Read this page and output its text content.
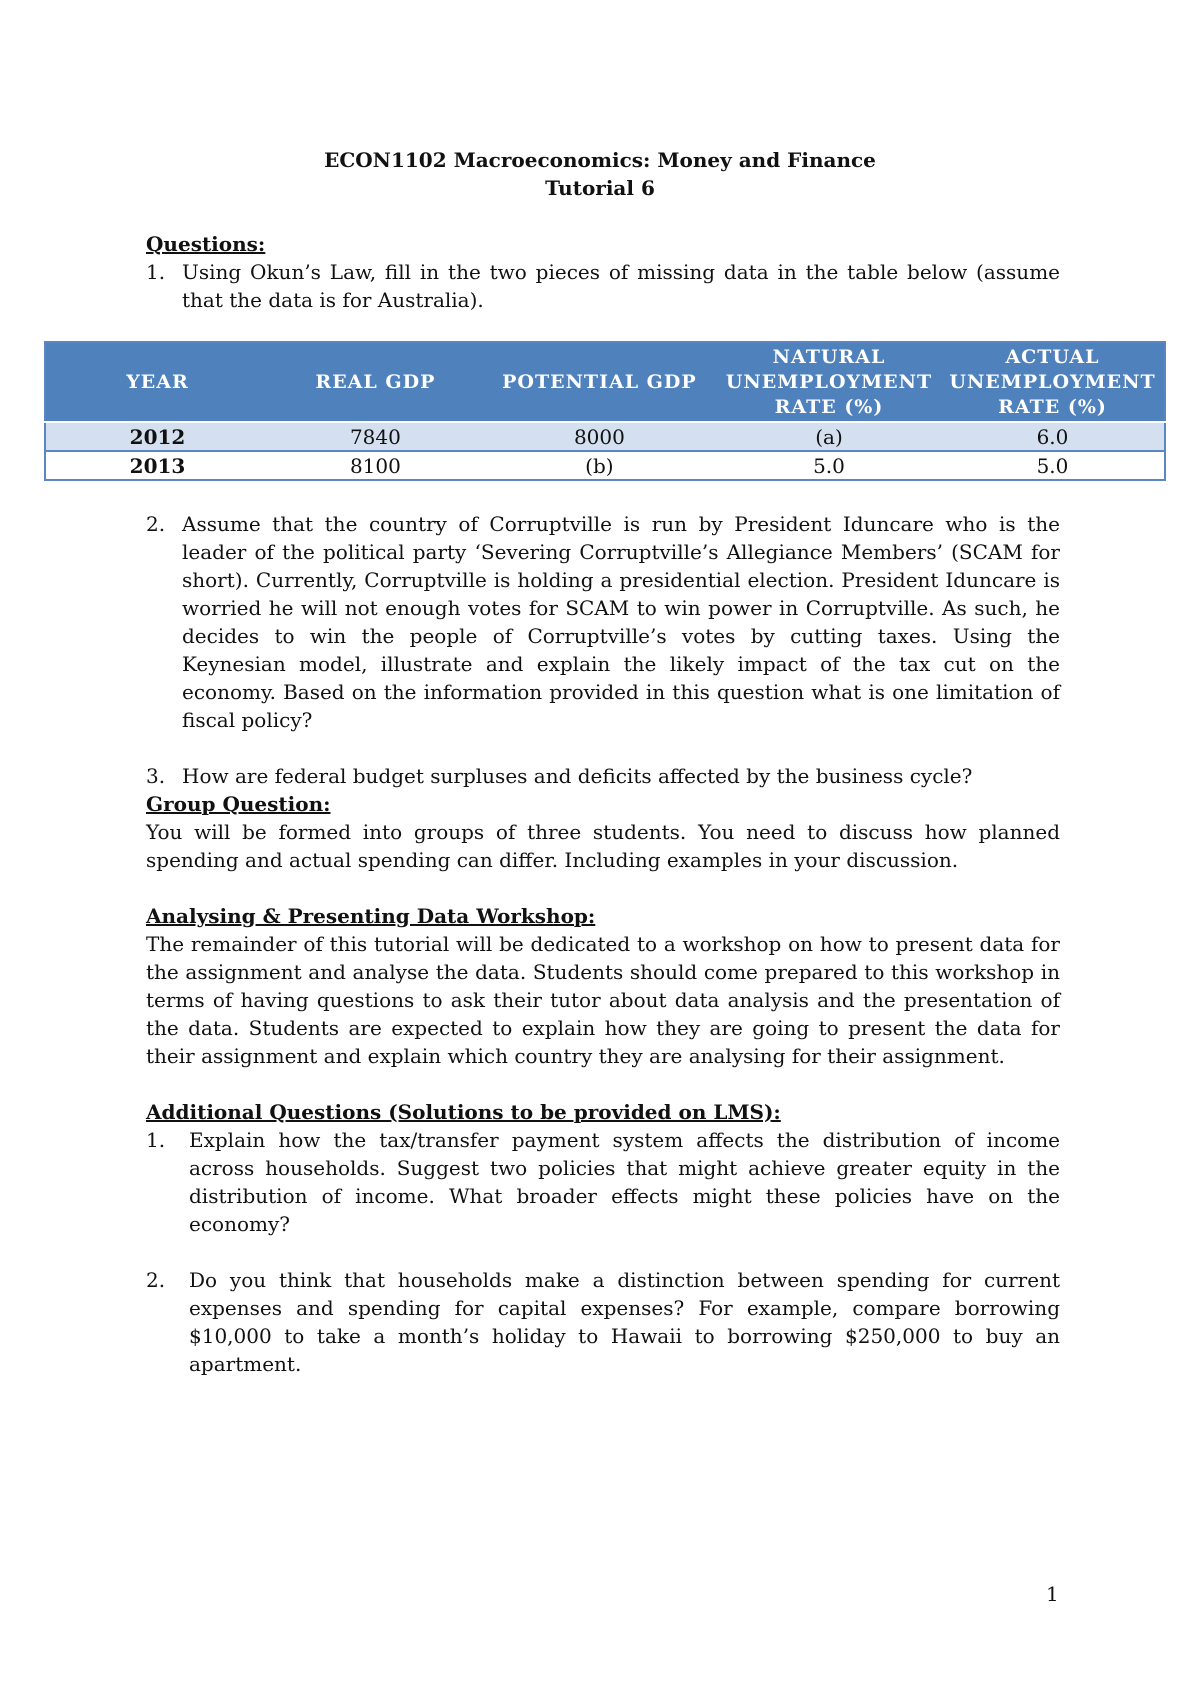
ECON1102 Macroeconomics: Money and Finance
Tutorial 6
Questions:
1. Using Okun’s Law, fill in the two pieces of missing data in the table below (assume that the data is for Australia).
YEAR	REAL GDP	POTENTIAL GDP	NATURAL UNEMPLOYMENT RATE (%)	ACTUAL UNEMPLOYMENT RATE (%)
2012	7840	8000	(a)	6.0
2013	8100	(b)	5.0	5.0
2. Assume that the country of Corruptville is run by President Iduncare who is the leader of the political party ‘Severing Corruptville’s Allegiance Members’ (SCAM for short). Currently, Corruptville is holding a presidential election. President Iduncare is worried he will not enough votes for SCAM to win power in Corruptville. As such, he decides to win the people of Corruptville’s votes by cutting taxes. Using the Keynesian model, illustrate and explain the likely impact of the tax cut on the economy. Based on the information provided in this question what is one limitation of fiscal policy?
3. How are federal budget surpluses and deficits affected by the business cycle?
Group Question:
You will be formed into groups of three students. You need to discuss how planned spending and actual spending can differ. Including examples in your discussion.
Analysing & Presenting Data Workshop:
The remainder of this tutorial will be dedicated to a workshop on how to present data for the assignment and analyse the data. Students should come prepared to this workshop in terms of having questions to ask their tutor about data analysis and the presentation of the data. Students are expected to explain how they are going to present the data for their assignment and explain which country they are analysing for their assignment.
Additional Questions (Solutions to be provided on LMS):
1.	Explain how the tax/transfer payment system affects the distribution of income across households. Suggest two policies that might achieve greater equity in the distribution of income. What broader effects might these policies have on the economy?
2.	Do you think that households make a distinction between spending for current expenses and spending for capital expenses? For example, compare borrowing $10,000 to take a month’s holiday to Hawaii to borrowing $250,000 to buy an apartment.
1
